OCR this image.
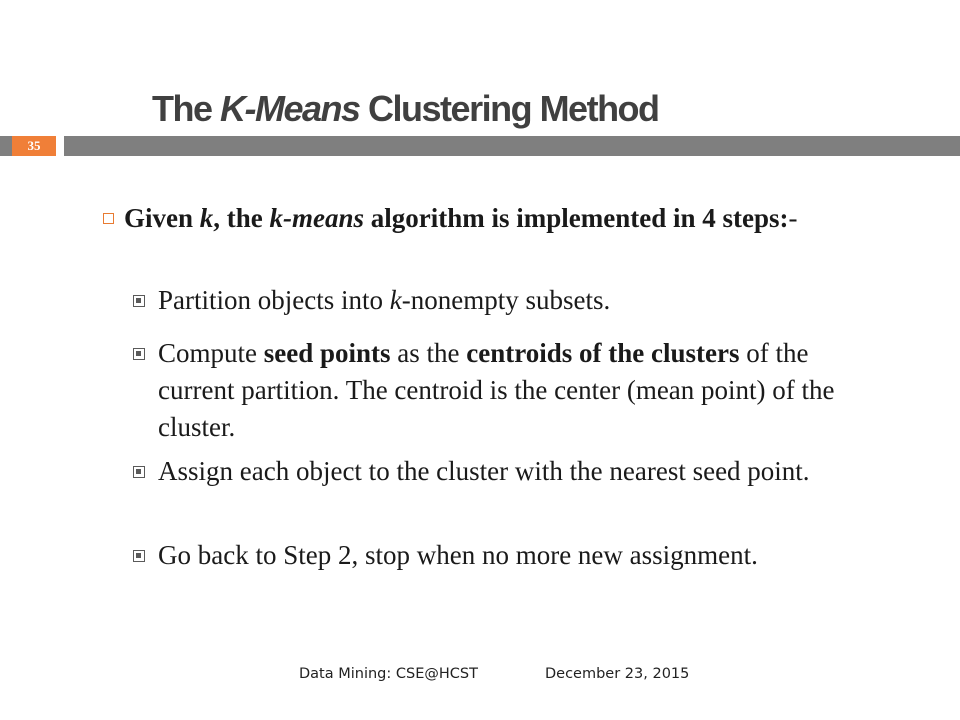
The K-Means Clustering Method
35
Given k, the k-means algorithm is implemented in 4 steps:-
Partition objects into k-nonempty subsets.
Compute seed points as the centroids of the clusters of the current partition. The centroid is the center (mean point) of the cluster.
Assign each object to the cluster with the nearest seed point.
Go back to Step 2, stop when no more new assignment.
Data Mining: CSE@HCST	December 23, 2015
